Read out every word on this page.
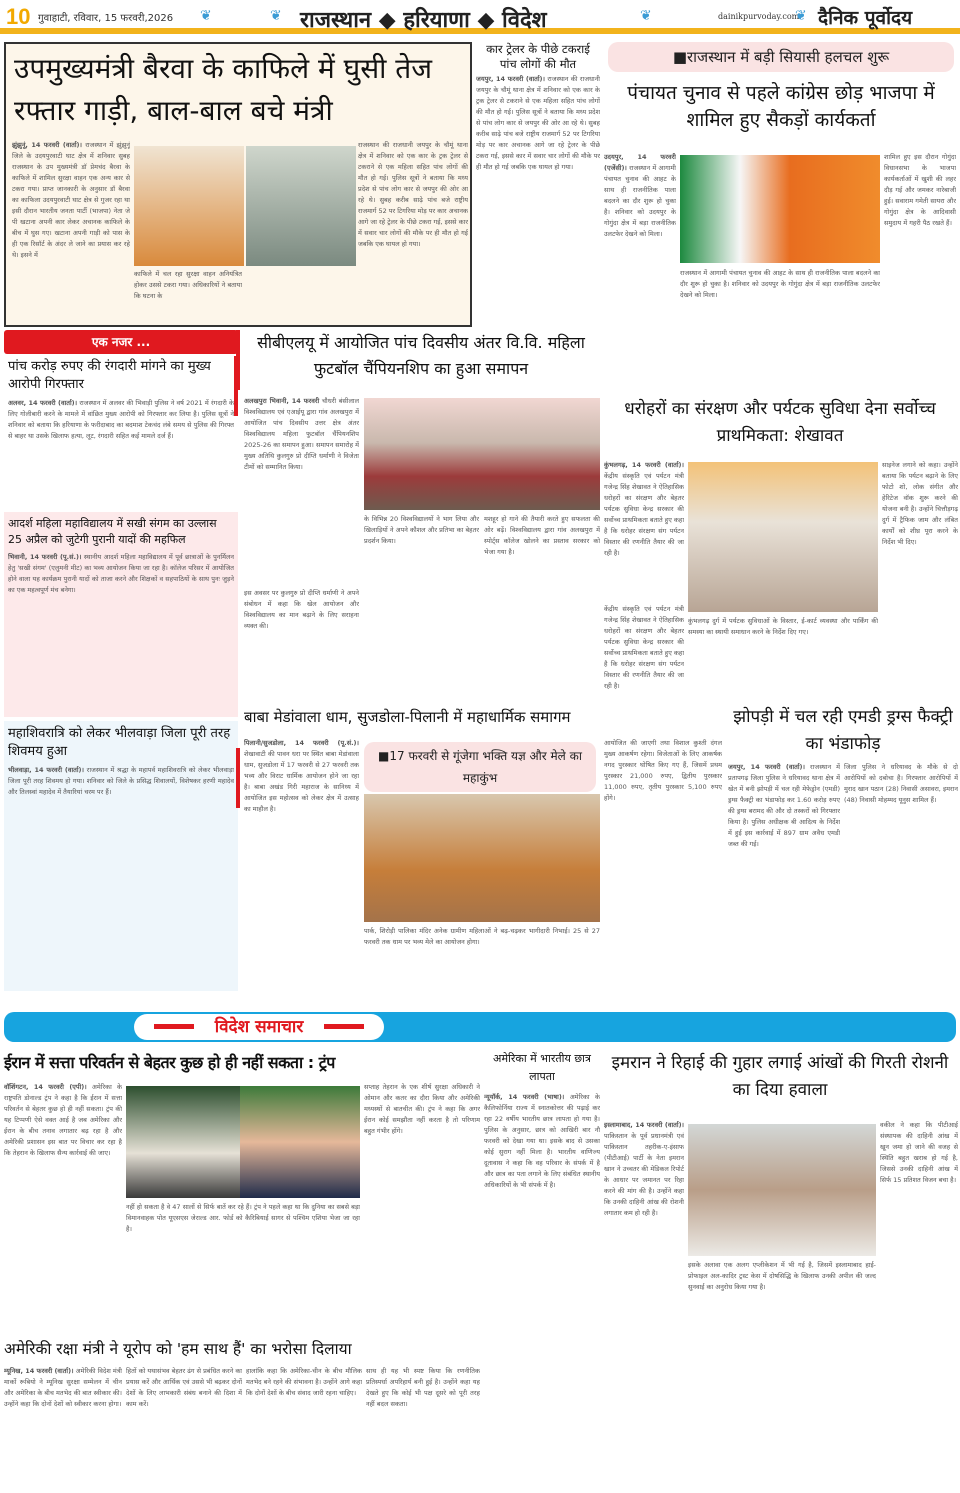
10 गुवाहाटी, रविवार, 15 फरवरी,2026 ❦	❦ राजस्थान ◆ हरियाणा ◆ विदेश	❦	dainikpurvoday.com
❦ दैनिक पूर्वोदय
उपमुख्यमंत्री बैरवा के काफिले में घुसी तेज रफ्तार गाड़ी, बाल-बाल बचे मंत्री
झुंझुनूं, 14 फरवरी (वार्ता)। राजस्थान में झुंझुनूं जिले के उदयपुरवाटी घाट क्षेत्र में शनिवार सुबह राजस्थान के उप मुख्यमंत्री डॉ प्रेमचंद बैरवा के काफिले में शामिल सुरक्षा वाहन एक अन्य कार से टकरा गया। प्राप्त जानकारी के अनुसार डॉ बैरवा का काफिला उदयपुरवाटी घाट क्षेत्र से गुजर रहा था इसी दौरान भारतीय जनता पार्टी (भाजपा) नेता जे पी खटाना अपनी कार लेकर अचानक काफिले के बीच में घुस गए। खटाना अपनी गाड़ी को पास के ही एक रिसॉर्ट के अंदर ले जाने का प्रयास कर रहे थे। इसने में
काफिले में चल रहा सुरक्षा वाहन अनियंत्रित होकर उससे टकरा गया। अधिकारियों ने बताया कि घटना के
राजस्थान की राजधानी जयपुर के चौमूं थाना क्षेत्र में शनिवार को एक कार के ट्रक ट्रेलर से टकराने से एक महिला सहित पांच लोगों की मौत हो गई। पुलिस सूत्रों ने बताया कि मध्य प्रदेश से पांच लोग कार से जयपुर की ओर आ रहे थे। सुबह करीब साढ़े पांच बजे राष्ट्रीय राजमार्ग 52 पर टिगरिया मोड़ पर कार अचानक आगे जा रहे ट्रेलर के पीछे टकरा गई, इससे कार में सवार चार लोगों की मौके पर ही मौत हो गई जबकि एक घायल हो गया।
कार ट्रेलर के पीछे टकराई पांच लोगों की मौत
जयपुर, 14 फरवरी (वार्ता)। राजस्थान की राजधानी जयपुर के चौमूं थाना क्षेत्र में शनिवार को एक कार के ट्रक ट्रेलर से टकराने से एक महिला सहित पांच लोगों की मौत हो गई। पुलिस सूत्रों ने बताया कि मध्य प्रदेश से पांच लोग कार से जयपुर की ओर आ रहे थे। सुबह करीब साढ़े पांच बजे राष्ट्रीय राजमार्ग 52 पर टिगरिया मोड़ पर कार अचानक आगे जा रहे ट्रेलर के पीछे टकरा गई, इससे कार में सवार चार लोगों की मौके पर ही मौत हो गई जबकि एक घायल हो गया।
■राजस्थान में बड़ी सियासी हलचल शुरू
पंचायत चुनाव से पहले कांग्रेस छोड़ भाजपा में शामिल हुए सैकड़ों कार्यकर्ता
उदयपुर, 14 फरवरी (एजेंसी)। राजस्थान में आगामी पंचायत चुनाव की आहट के साथ ही राजनीतिक पाला बदलने का दौर शुरू हो चुका है। शनिवार को उदयपुर के गोगुंदा क्षेत्र में बड़ा राजनीतिक उलटफेर देखने को मिला।
शामिल हुए इस दौरान गोगुंदा विधानसभा के भाजपा कार्यकर्ताओं में खुशी की लहर दौड़ गई और जमकर नारेबाजी हुई। सवाराम गमेती सायरा और गोगुंदा क्षेत्र के आदिवासी समुदाय में गहरी पैठ रखते हैं।
राजस्थान में आगामी पंचायत चुनाव की आहट के साथ ही राजनीतिक पाला बदलने का दौर शुरू हो चुका है। शनिवार को उदयपुर के गोगुंदा क्षेत्र में बड़ा राजनीतिक उलटफेर देखने को मिला।
एक नजर ...
पांच करोड़ रुपए की रंगदारी मांगने का मुख्य आरोपी गिरफ्तार
अलवर, 14 फरवरी (वार्ता)। राजस्थान में अलवर की भिवाड़ी पुलिस ने वर्ष 2021 में रंगदारी के लिए गोलीबारी करने के मामले में वांछित मुख्य आरोपी को गिरफ्तार कर लिया है। पुलिस सूत्रों ने शनिवार को बताया कि हरियाणा के फरीदाबाद का बदमाश टेकचंद लंबे समय से पुलिस की गिरफ्त से बाहर था उसके खिलाफ हत्या, लूट, रंगदारी सहित कई मामले दर्ज हैं।
आदर्श महिला महाविद्यालय में सखी संगम का उल्लास 25 अप्रैल को जुटेगी पुरानी यादों की महफिल
भिवानी, 14 फरवरी (पू.सं.)। स्थानीय आदर्श महिला महाविद्यालय में पूर्व छात्राओं के पुनर्मिलन हेतु 'सखी संगम' (एलुमनी मीट) का भव्य आयोजन किया जा रहा है। कॉलेज परिसर में आयोजित होने वाला यह कार्यक्रम पुरानी यादों को ताजा करने और शिक्षकों व सहपाठियों के साथ पुनः जुड़ने का एक महत्वपूर्ण मंच बनेगा।
महाशिवरात्रि को लेकर भीलवाड़ा जिला पूरी तरह शिवमय हुआ
भीलवाड़ा, 14 फरवरी (वार्ता)। राजस्थान में श्रद्धा के महापर्व महाशिवरात्रि को लेकर भीलवाड़ा जिला पूरी तरह शिवमय हो गया। शनिवार को जिले के प्रसिद्ध शिवालयों, विशेषकर हरणी महादेव और तिलस्वां महादेव में तैयारियां चरम पर हैं।
सीबीएलयू में आयोजित पांच दिवसीय अंतर वि.वि. महिला फुटबॉल चैंपियनशिप का हुआ समापन
अलखपुरा भिवानी, 14 फरवरी चौधरी बंसीलाल विश्वविद्यालय एवं एआईयू द्वारा गांव अलखपुरा में आयोजित पांच दिवसीय उत्तर क्षेत्र अंतर विश्वविद्यालय महिला फुटबॉल चैंपियनशिप 2025-26 का समापन हुआ। समापन समारोह में मुख्य अतिथि कुलगुरु प्रो दीप्ति धर्माणी ने विजेता टीमों को सम्मानित किया।
इस अवसर पर कुलगुरु प्रो दीप्ति धर्माणी ने अपने संबोधन में कहा कि खेल आयोजन और विश्वविद्यालय का मान बढ़ाने के लिए सराहना व्यक्त की।
के विभिन्न 20 विश्वविद्यालयों ने भाग लिया और खिलाड़ियों ने अपने कौशल और प्रतिभा का बेहतर प्रदर्शन किया।
मशहूर हो गाने की तैयारी करते हुए सफलता की ओर बढ़ें। विश्वविद्यालय द्वारा गांव अलखपुरा में स्पोर्ट्स कॉलेज खोलने का प्रस्ताव सरकार को भेजा गया है।
धरोहरों का संरक्षण और पर्यटक सुविधा देना सर्वोच्च प्राथमिकता: शेखावत
कुंभलगढ़, 14 फरवरी (वार्ता)। केंद्रीय संस्कृति एवं पर्यटन मंत्री गजेन्द्र सिंह शेखावत ने ऐतिहासिक धरोहरों का संरक्षण और बेहतर पर्यटक सुविधा केन्द्र सरकार की सर्वोच्च प्राथमिकता बताते हुए कहा है कि धरोहर संरक्षण संग पर्यटन विस्तार की रणनीति तैयार की जा रही है।
साइनेज लगाने को कहा। उन्होंने बताया कि पर्यटन बढ़ाने के लिए फोटो शो, लोक संगीत और हेरिटेज वॉक शुरू करने की योजना बनी है। उन्होंने चित्तौड़गढ़ दुर्ग में ट्रैफिक जाम और लंबित कार्यों को शीघ्र पूरा करने के निर्देश भी दिए।
केंद्रीय संस्कृति एवं पर्यटन मंत्री गजेन्द्र सिंह शेखावत ने ऐतिहासिक धरोहरों का संरक्षण और बेहतर पर्यटक सुविधा केन्द्र सरकार की सर्वोच्च प्राथमिकता बताते हुए कहा है कि धरोहर संरक्षण संग पर्यटन विस्तार की रणनीति तैयार की जा रही है।
कुंभलगढ़ दुर्ग में पर्यटक सुविधाओं के विस्तार, ई-कार्ट व्यवस्था और पार्किंग की समस्या का स्थायी समाधान करने के निर्देश दिए गए।
बाबा मेडांवाला धाम, सुजडोला-पिलानी में महाधार्मिक समागम
पिलानी/सुजडोला, 14 फरवरी (पू.सं.)। शेखावाटी की पावन धरा पर स्थित बाबा मेडांवाला धाम, सुजडोला में 17 फरवरी से 27 फरवरी तक भव्य और विराट धार्मिक आयोजन होने जा रहा है। बाबा अखंड गिरी महाराज के सानिध्य में आयोजित इस महोत्सव को लेकर क्षेत्र में उत्साह का माहौल है।
■17 फरवरी से गूंजेगा भक्ति यज्ञ और मेले का महाकुंभ
पार्क, शिरोड़ी पालिका मंदिर अनेक ग्रामीण महिलाओं ने बढ़-चढ़कर भागीदारी निभाई। 25 से 27 फरवरी तक धाम पर भव्य मेले का आयोजन होगा।
आयोजित की जाएगी तथा विशाल कुश्ती दंगल मुख्य आकर्षण रहेगा। विजेताओं के लिए आकर्षक नगद पुरस्कार घोषित किए गए हैं, जिसमें प्रथम पुरस्कार 21,000 रुपए, द्वितीय पुरस्कार 11,000 रुपए, तृतीय पुरस्कार 5,100 रुपए होंगे।
झोपड़ी में चल रही एमडी ड्रग्स फैक्ट्री का भंडाफोड़
जयपुर, 14 फरवरी (वार्ता)। राजस्थान में प्रतापगढ़ जिला पुलिस ने धरियावद थाना क्षेत्र में खेत में बनी झोपड़ी में चल रही मेफेड्रोन (एमडी) ड्रग्स फैक्ट्री का भंडाफोड़ कर 1.60 करोड़ रुपए की ड्रग्स बरामद की और दो तस्करों को गिरफ्तार किया है। पुलिस अधीक्षक बी आदित्य के निर्देश में हुई इस कार्रवाई में 897 ग्राम अवैध एमडी जब्त की गई।
जिला पुलिस ने धरियावद के मौके से दो आरोपियों को दबोचा है। गिरफ्तार आरोपियों में मुराद खान पठान (28) निवासी असावरा, इमरान (48) निवासी मोहम्मद यूनुस शामिल हैं।
विदेश समाचार
ईरान में सत्ता परिवर्तन से बेहतर कुछ हो ही नहीं सकता : ट्रंप
वॉशिंगटन, 14 फरवरी (एपी)। अमेरिका के राष्ट्रपति डोनाल्ड ट्रंप ने कहा है कि ईरान में सत्ता परिवर्तन से बेहतर कुछ हो ही नहीं सकता। ट्रंप की यह टिप्पणी ऐसे वक्त आई है जब अमेरिका और ईरान के बीच तनाव लगातार बढ़ रहा है और अमेरिकी प्रशासन इस बात पर विचार कर रहा है कि तेहरान के खिलाफ सैन्य कार्रवाई की जाए।
नहीं हो सकता है वे 47 सालों से सिर्फ बातें कर रहे हैं। ट्रंप ने पहले कहा था कि दुनिया का सबसे बड़ा विमानवाहक पोत यूएसएस जेराल्ड आर. फोर्ड को कैरिबियाई सागर से पश्चिम एशिया भेजा जा रहा है।
सप्ताह तेहरान के एक शीर्ष सुरक्षा अधिकारी ने ओमान और कतर का दौरा किया और अमेरिकी मध्यस्थों से बातचीत की। ट्रंप ने कहा कि अगर ईरान कोई समझौता नहीं करता है तो परिणाम बहुत गंभीर होंगे।
अमेरिका में भारतीय छात्र लापता
न्यूयॉर्क, 14 फरवरी (भाषा)। अमेरिका के कैलिफोर्निया राज्य में स्नातकोत्तर की पढ़ाई कर रहा 22 वर्षीय भारतीय छात्र लापता हो गया है। पुलिस के अनुसार, छात्र को आखिरी बार नौ फरवरी को देखा गया था। इसके बाद से उसका कोई सुराग नहीं मिला है। भारतीय वाणिज्य दूतावास ने कहा कि वह परिवार के संपर्क में है और छात्र का पता लगाने के लिए संबंधित स्थानीय अधिकारियों के भी संपर्क में है।
इमरान ने रिहाई की गुहार लगाई आंखों की गिरती रोशनी का दिया हवाला
इस्लामाबाद, 14 फरवरी (वार्ता)। पाकिस्तान के पूर्व प्रधानमंत्री एवं पाकिस्तान तहरीक-ए-इंसाफ (पीटीआई) पार्टी के नेता इमरान खान ने उच्चतर की मेडिकल रिपोर्ट के आधार पर जमानत पर रिहा करने की मांग की है। उन्होंने कहा कि उनकी दाहिनी आंख की रोशनी लगातार कम हो रही है।
इसके अलावा एक अलग एप्लीकेशन में भी गई है, जिसमें इस्लामाबाद हाई-प्रोफाइल अल-कादिर ट्रस्ट केस में दोषसिद्धि के खिलाफ उनकी अपील की जल्द सुनवाई का अनुरोध किया गया है।
वकील ने कहा कि पीटीआई संस्थापक की दाहिनी आंख में खून जमा हो जाने की वजह से स्थिति बहुत खराब हो गई है, जिससे उनकी दाहिनी आंख में सिर्फ 15 प्रतिशत विजन बचा है।
अमेरिकी रक्षा मंत्री ने यूरोप को 'हम साथ हैं' का भरोसा दिलाया
म्यूनिख, 14 फरवरी (वार्ता)। अमेरिकी विदेश मंत्री मार्को रूबियो ने म्यूनिख सुरक्षा सम्मेलन में चीन और अमेरिका के बीच मतभेद की बात स्वीकार की। उन्होंने कहा कि दोनों देशों को स्वीकार करना होगा।
हितों को यथासंभव बेहतर ढंग से प्रबंधित करने का प्रयास करें और आर्थिक एवं उससे भी बढ़कर दोनों देशों के लिए लाभकारी संबंध बनाने की दिशा में काम करें।
हालांकि कहा कि अमेरिका-चीन के बीच मौलिक मतभेद बने रहने की संभावना है। उन्होंने आगे कहा कि दोनों देशों के बीच संवाद जारी रहना चाहिए।
साथ ही यह भी स्पष्ट किया कि रणनीतिक प्रतिस्पर्धा अपरिहार्य बनी हुई है। उन्होंने कहा यह देखते हुए कि कोई भी पक्ष दूसरे को पूरी तरह नहीं बदल सकता।
